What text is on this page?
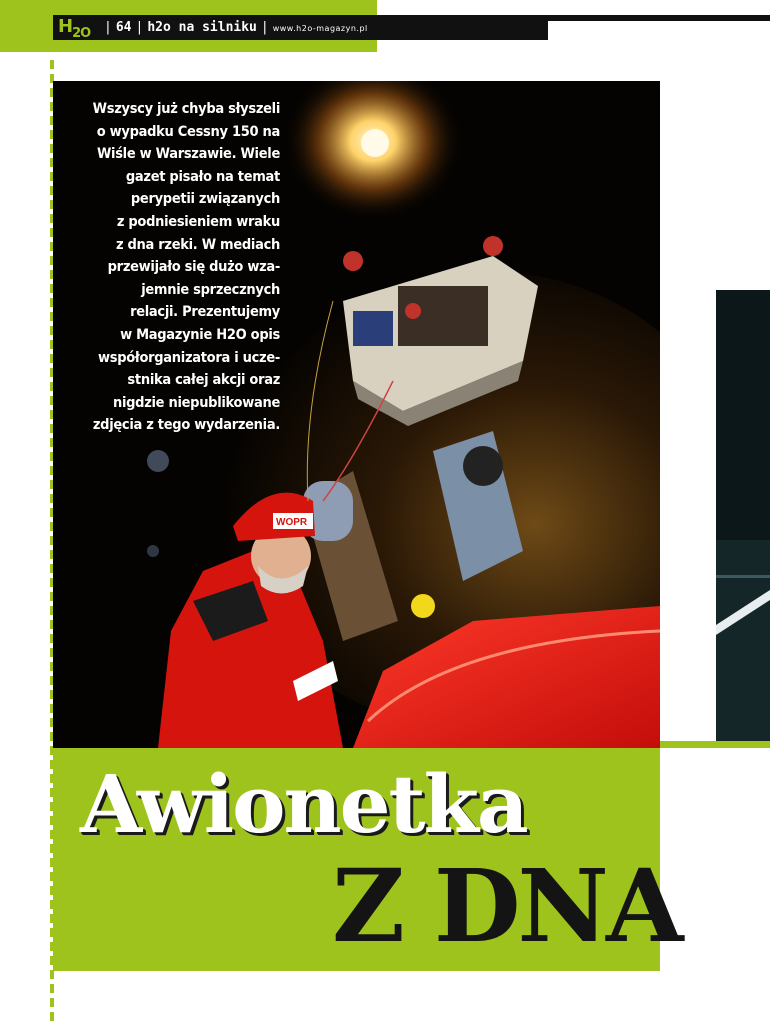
$H_{2O}$	| 64 | h2o na silniku | www.h2o-magazyn.pl
WOPR
Wszyscy już chyba słyszeli
o wypadku Cessny 150 na
Wiśle w Warszawie. Wiele
gazet pisało na temat
perypetii związanych
z podniesieniem wraku
z dna rzeki. W mediach
przewijało się dużo wza-
jemnie sprzecznych
relacji. Prezentujemy
w Magazynie H2O opis
współorganizatora i ucze-
stnika całej akcji oraz
nigdzie niepublikowane
zdjęcia z tego wydarzenia.
Awionetka
Z DNA
